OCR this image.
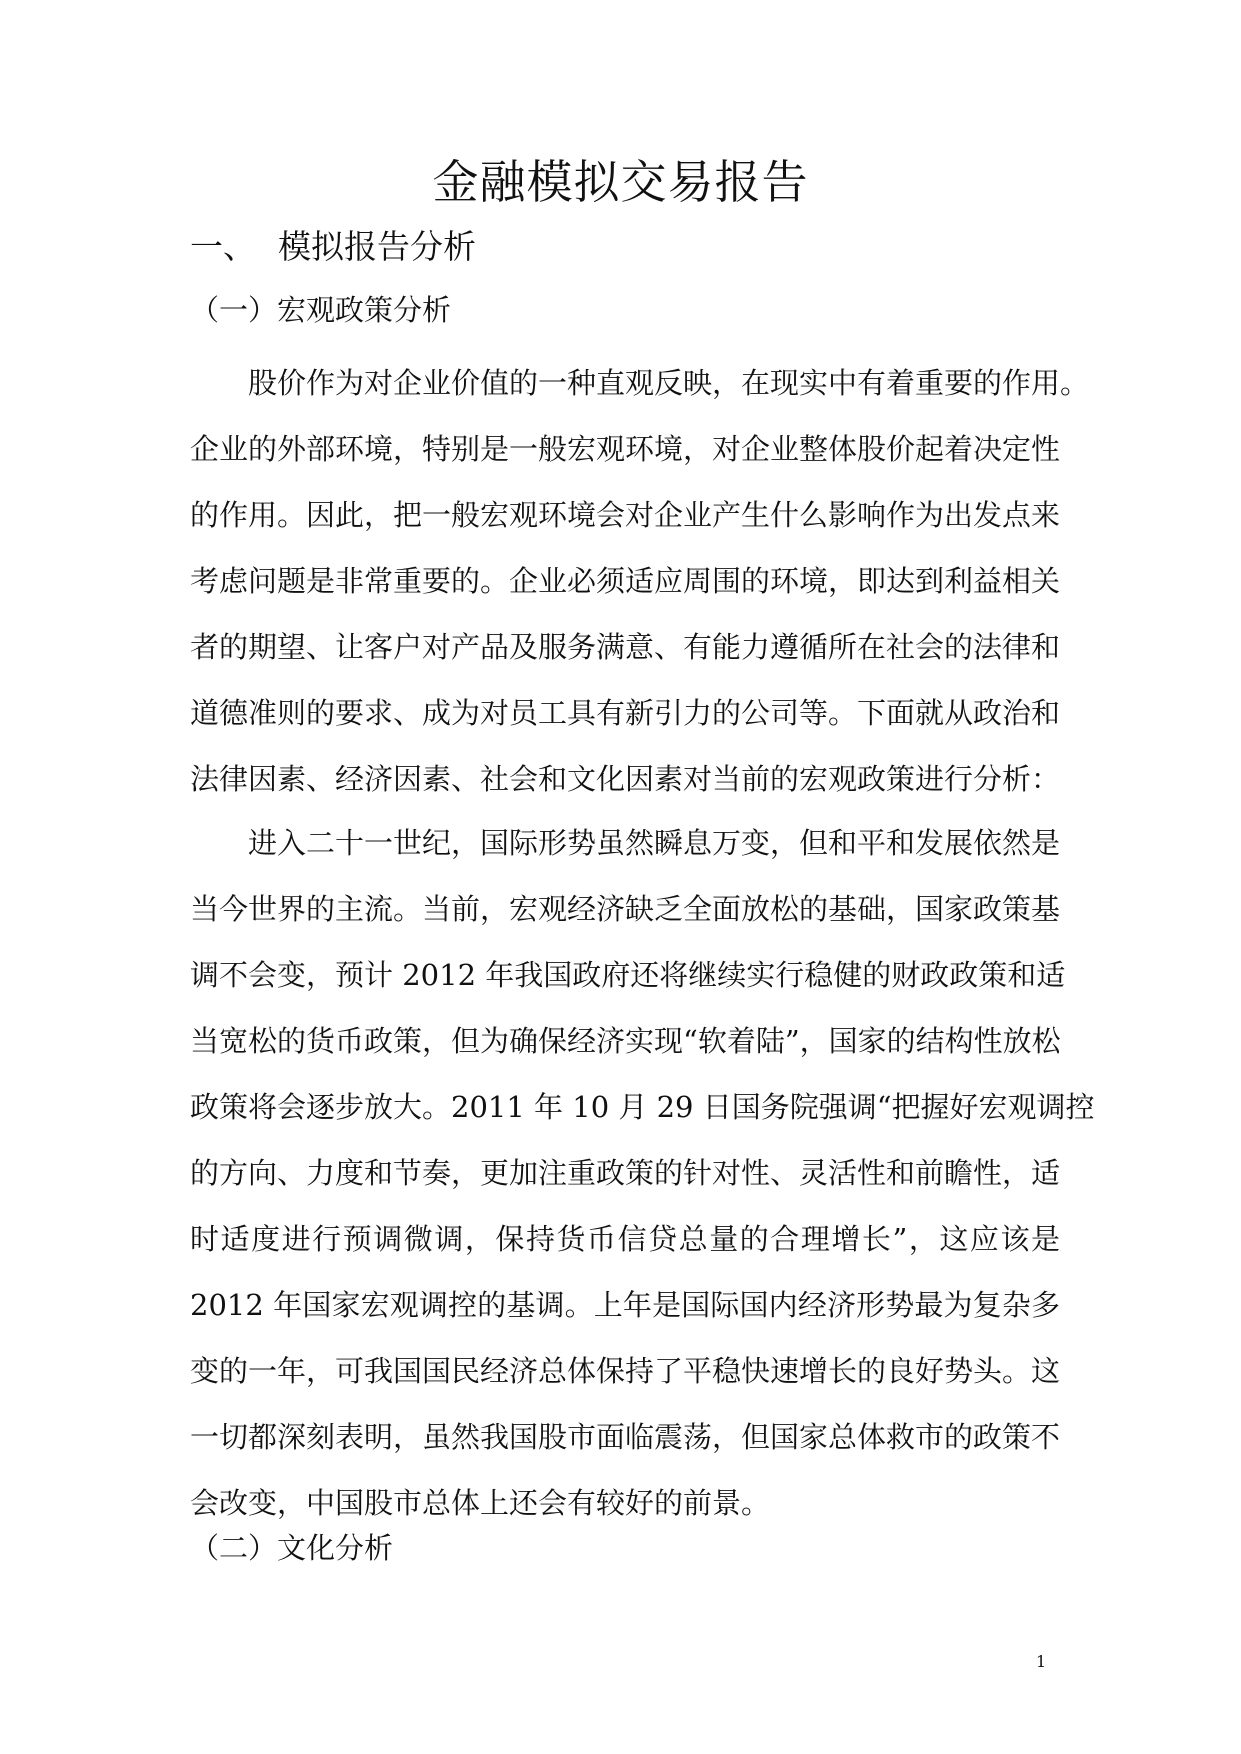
金融模拟交易报告
一、 模拟报告分析
（一）宏观政策分析
股价作为对企业价值的一种直观反映，在现实中有着重要的作用。
企业的外部环境，特别是一般宏观环境，对企业整体股价起着决定性
的作用。因此，把一般宏观环境会对企业产生什么影响作为出发点来
考虑问题是非常重要的。企业必须适应周围的环境，即达到利益相关
者的期望、让客户对产品及服务满意、有能力遵循所在社会的法律和
道德准则的要求、成为对员工具有新引力的公司等。下面就从政治和
法律因素、经济因素、社会和文化因素对当前的宏观政策进行分析：
进入二十一世纪，国际形势虽然瞬息万变，但和平和发展依然是
当今世界的主流。当前，宏观经济缺乏全面放松的基础，国家政策基
调不会变，预计 2012 年我国政府还将继续实行稳健的财政政策和适
当宽松的货币政策，但为确保经济实现“软着陆”，国家的结构性放松
政策将会逐步放大。2011 年 10 月 29 日国务院强调“把握好宏观调控
的方向、力度和节奏，更加注重政策的针对性、灵活性和前瞻性，适
时适度进行预调微调，保持货币信贷总量的合理增长”，这应该是
2012 年国家宏观调控的基调。上年是国际国内经济形势最为复杂多
变的一年，可我国国民经济总体保持了平稳快速增长的良好势头。这
一切都深刻表明，虽然我国股市面临震荡，但国家总体救市的政策不
会改变，中国股市总体上还会有较好的前景。
（二）文化分析
1
